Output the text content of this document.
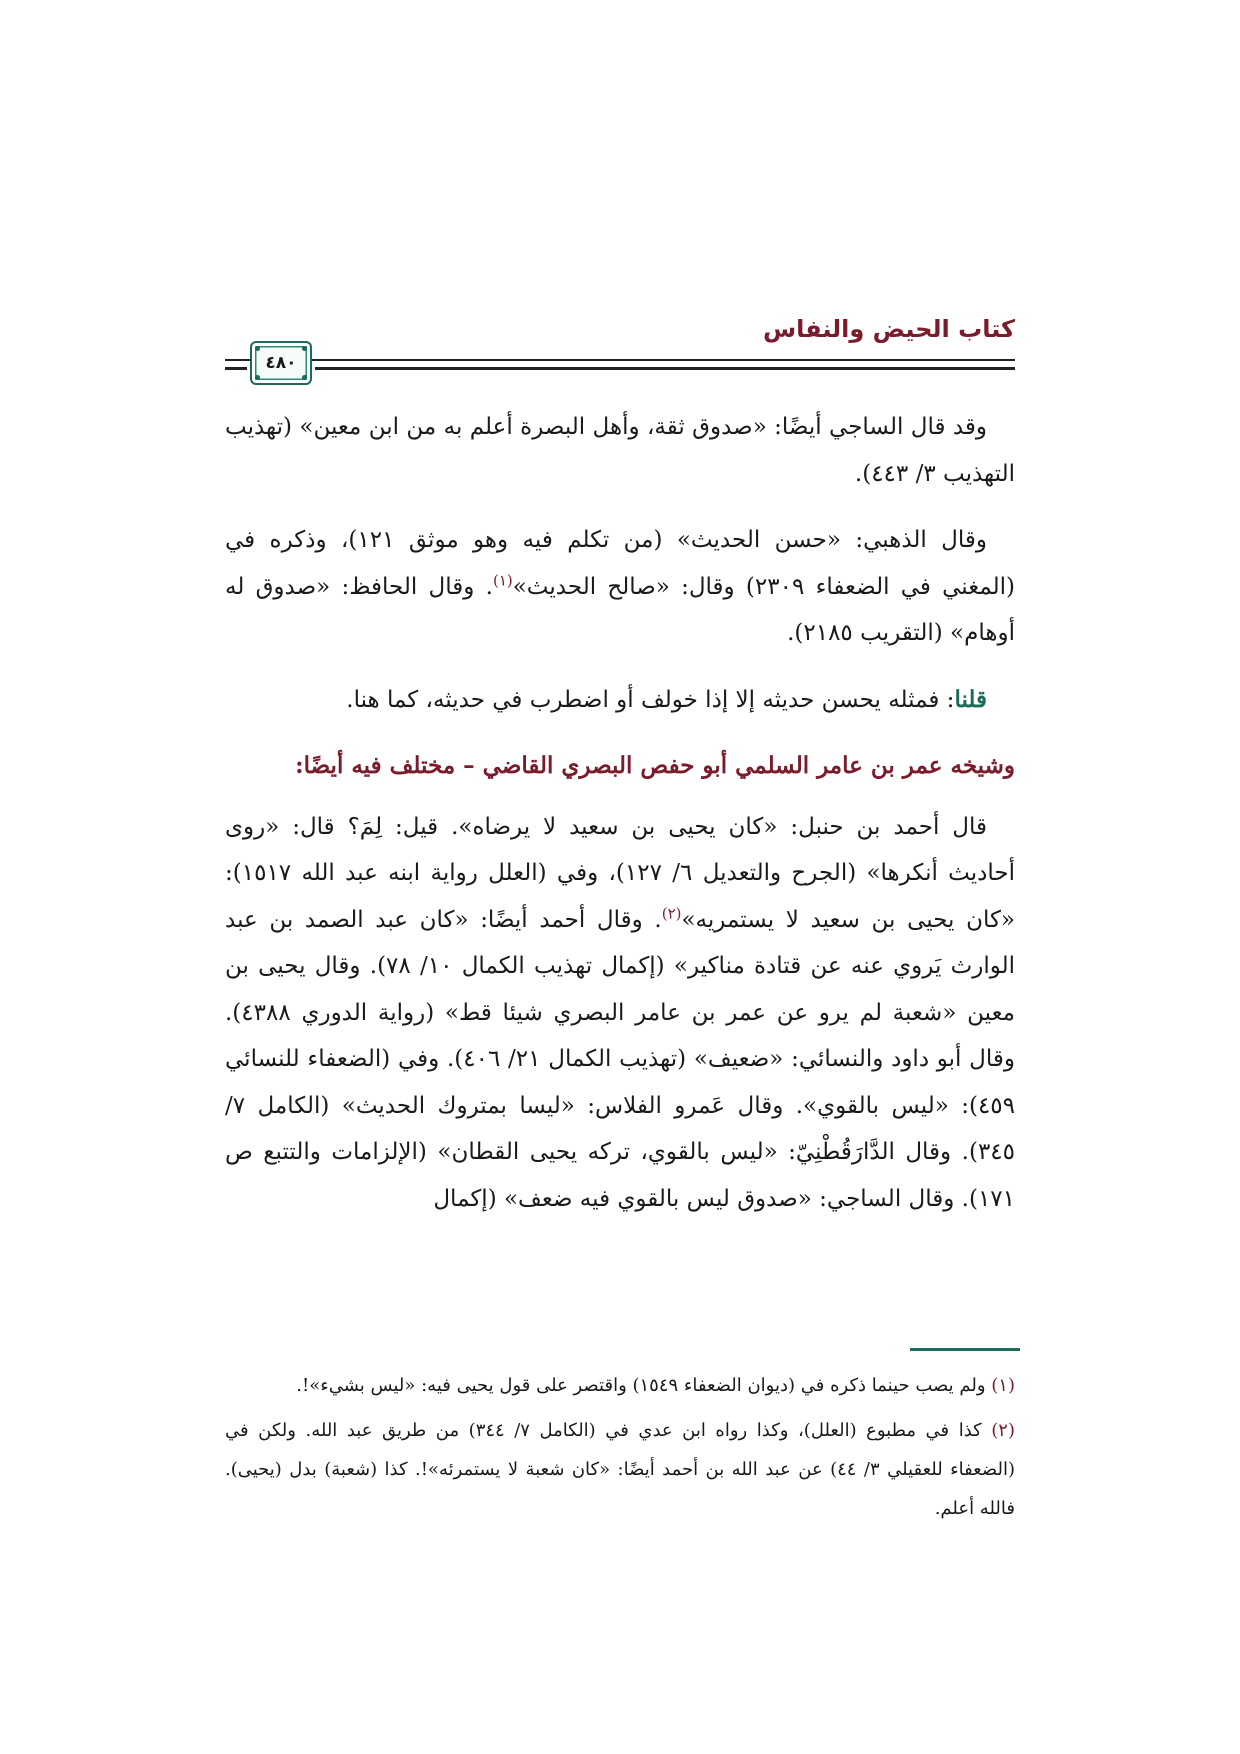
كتاب الحيض والنفاس
٤٨٠

وقد قال الساجي أيضًا: «صدوق ثقة، وأهل البصرة أعلم به من ابن معين» (تهذيب التهذيب ٣/ ٤٤٣).

وقال الذهبي: «حسن الحديث» (من تكلم فيه وهو موثق ١٢١)، وذكره في (المغني في الضعفاء ٢٣٠٩) وقال: «صالح الحديث»$^{(١)}$. وقال الحافظ: «صدوق له أوهام» (التقريب ٢١٨٥).

قلنا: فمثله يحسن حديثه إلا إذا خولف أو اضطرب في حديثه، كما هنا.

وشيخه عمر بن عامر السلمي أبو حفص البصري القاضي – مختلف فيه أيضًا:

قال أحمد بن حنبل: «كان يحيى بن سعيد لا يرضاه». قيل: لِمَ؟ قال: «روى أحاديث أنكرها» (الجرح والتعديل ٦/ ١٢٧)، وفي (العلل رواية ابنه عبد الله ١٥١٧): «كان يحيى بن سعيد لا يستمريه»$^{(٢)}$. وقال أحمد أيضًا: «كان عبد الصمد بن عبد الوارث يَروي عنه عن قتادة مناكير» (إكمال تهذيب الكمال ١٠/ ٧٨). وقال يحيى بن معين «شعبة لم يرو عن عمر بن عامر البصري شيئا قط» (رواية الدوري ٤٣٨٨). وقال أبو داود والنسائي: «ضعيف» (تهذيب الكمال ٢١/ ٤٠٦). وفي (الضعفاء للنسائي ٤٥٩): «ليس بالقوي». وقال عَمرو الفلاس: «ليسا بمتروك الحديث» (الكامل ٧/ ٣٤٥). وقال الدَّارَقُطْنِيّ: «ليس بالقوي، تركه يحيى القطان» (الإلزامات والتتبع ص ١٧١). وقال الساجي: «صدوق ليس بالقوي فيه ضعف» (إكمال

(١) ولم يصب حينما ذكره في (ديوان الضعفاء ١٥٤٩) واقتصر على قول يحيى فيه: «ليس بشيء»!.

(٢) كذا في مطبوع (العلل)، وكذا رواه ابن عدي في (الكامل ٧/ ٣٤٤) من طريق عبد الله. ولكن في (الضعفاء للعقيلي ٣/ ٤٤) عن عبد الله بن أحمد أيضًا: «كان شعبة لا يستمرئه»!. كذا (شعبة) بدل (يحيى). فالله أعلم.
